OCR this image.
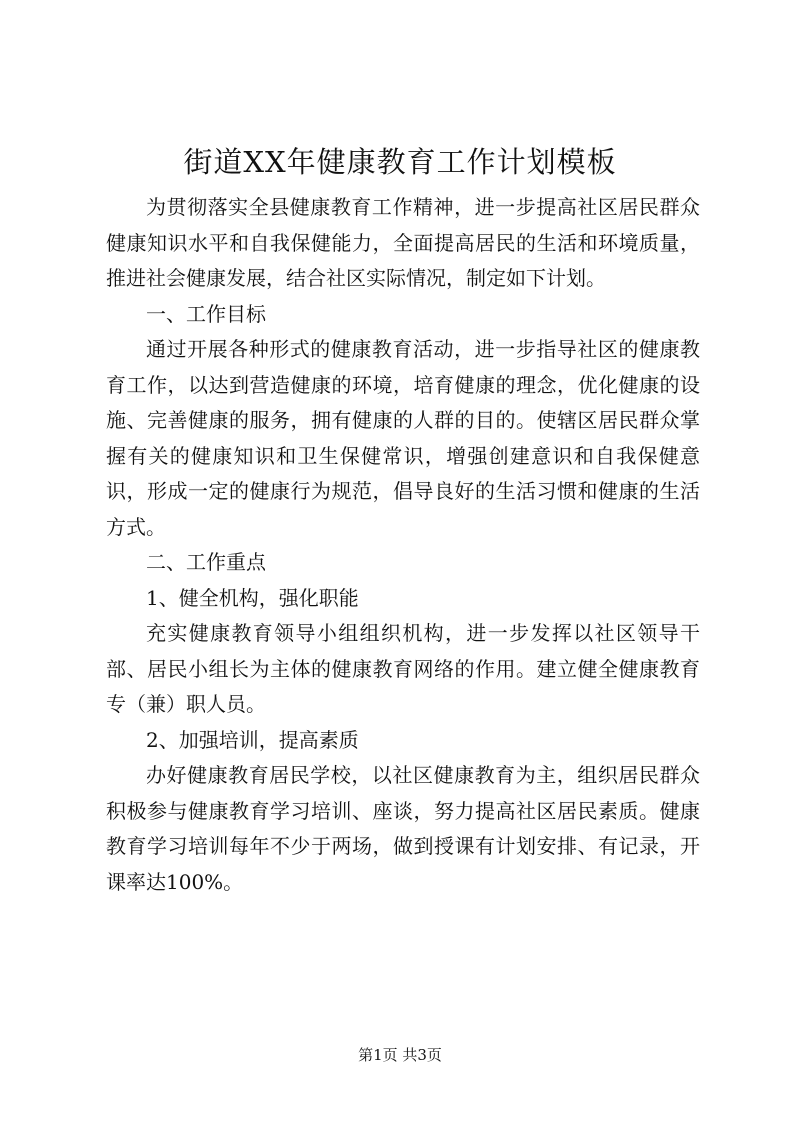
街道XX年健康教育工作计划模板

为贯彻落实全县健康教育工作精神，进一步提高社区居民群众健康知识水平和自我保健能力，全面提高居民的生活和环境质量，推进社会健康发展，结合社区实际情况，制定如下计划。

一、工作目标

通过开展各种形式的健康教育活动，进一步指导社区的健康教育工作，以达到营造健康的环境，培育健康的理念，优化健康的设施、完善健康的服务，拥有健康的人群的目的。使辖区居民群众掌握有关的健康知识和卫生保健常识，增强创建意识和自我保健意识，形成一定的健康行为规范，倡导良好的生活习惯和健康的生活方式。

二、工作重点

1、健全机构，强化职能

充实健康教育领导小组组织机构，进一步发挥以社区领导干部、居民小组长为主体的健康教育网络的作用。建立健全健康教育专（兼）职人员。

2、加强培训，提高素质

办好健康教育居民学校，以社区健康教育为主，组织居民群众积极参与健康教育学习培训、座谈，努力提高社区居民素质。健康教育学习培训每年不少于两场，做到授课有计划安排、有记录，开课率达100%。

第1页 共3页
